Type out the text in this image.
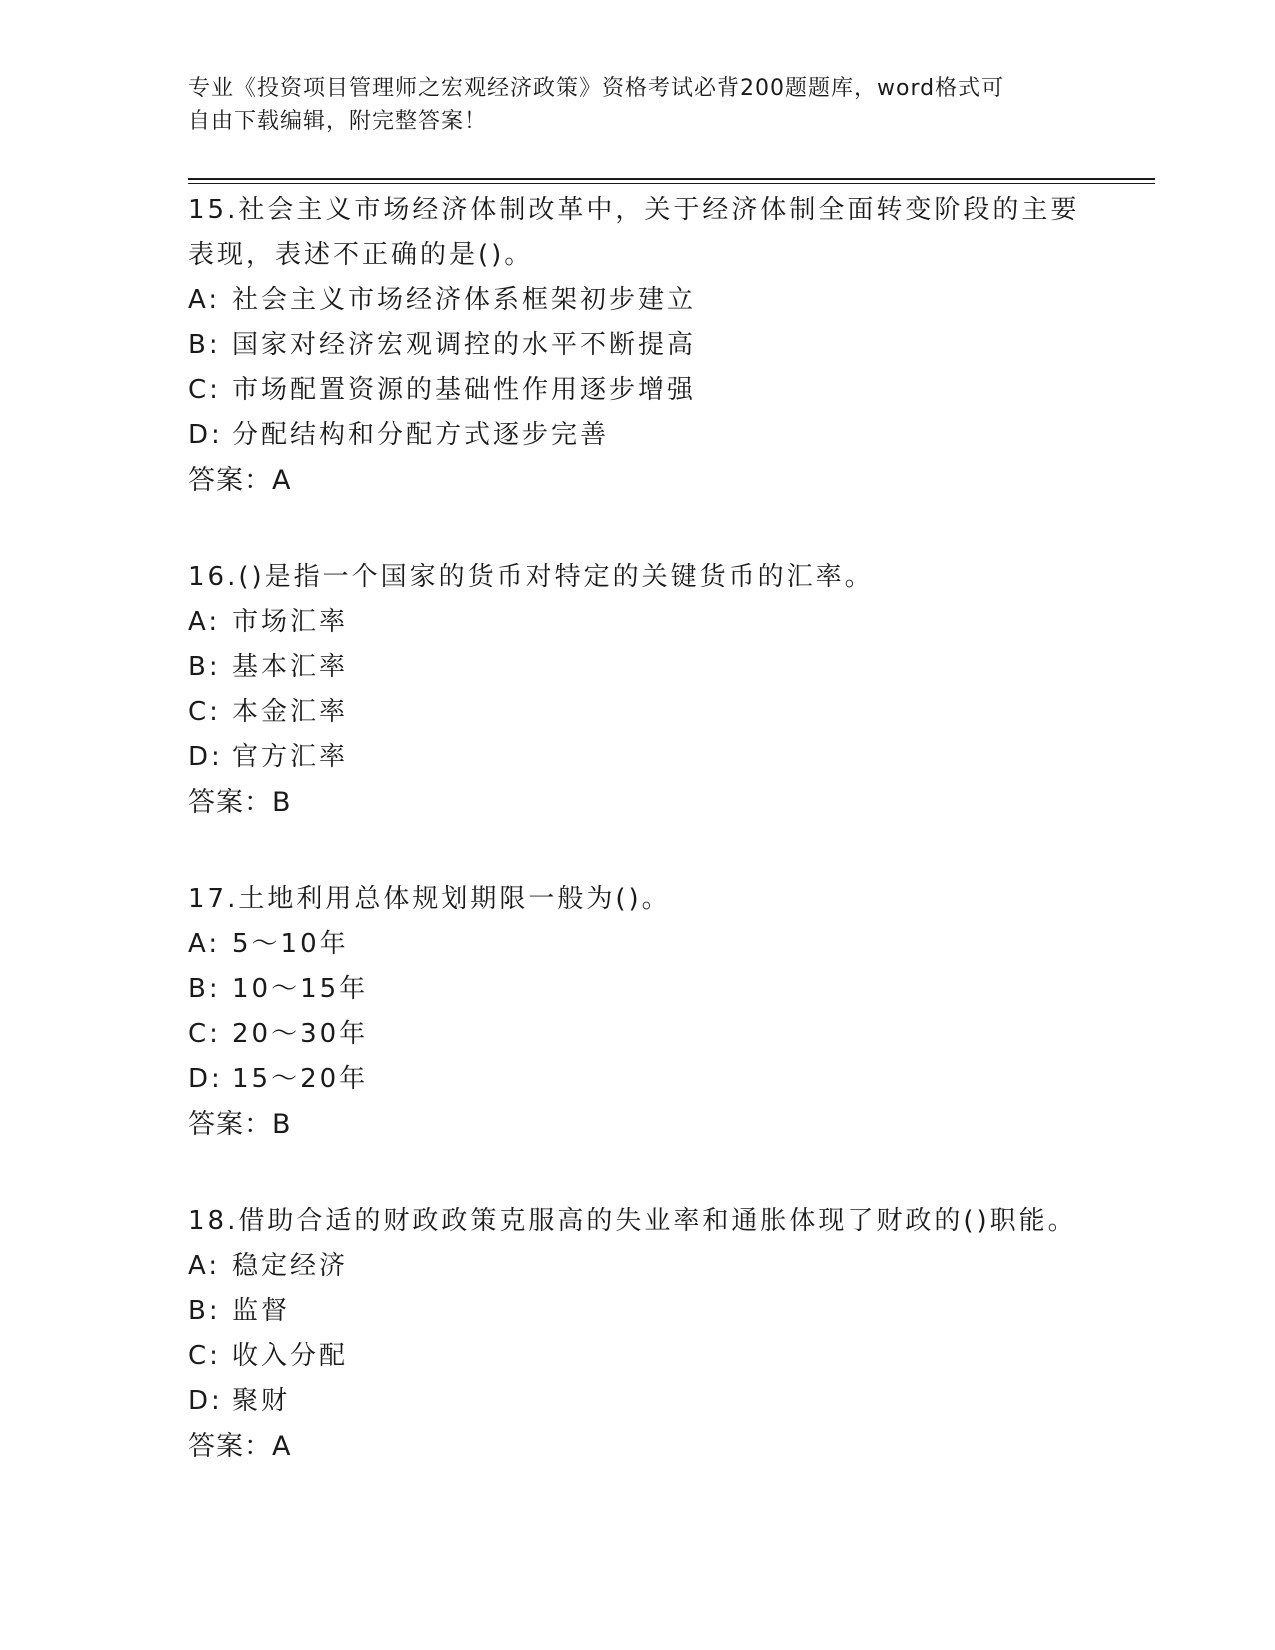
专业《投资项目管理师之宏观经济政策》资格考试必背200题题库，word格式可
自由下载编辑，附完整答案！
15.社会主义市场经济体制改革中，关于经济体制全面转变阶段的主要
表现，表述不正确的是()。
A: 社会主义市场经济体系框架初步建立
B: 国家对经济宏观调控的水平不断提高
C: 市场配置资源的基础性作用逐步增强
D: 分配结构和分配方式逐步完善
答案：A
16.()是指一个国家的货币对特定的关键货币的汇率。
A: 市场汇率
B: 基本汇率
C: 本金汇率
D: 官方汇率
答案：B
17.土地利用总体规划期限一般为()。
A: 5～10年
B: 10～15年
C: 20～30年
D: 15～20年
答案：B
18.借助合适的财政政策克服高的失业率和通胀体现了财政的()职能。
A: 稳定经济
B: 监督
C: 收入分配
D: 聚财
答案：A
